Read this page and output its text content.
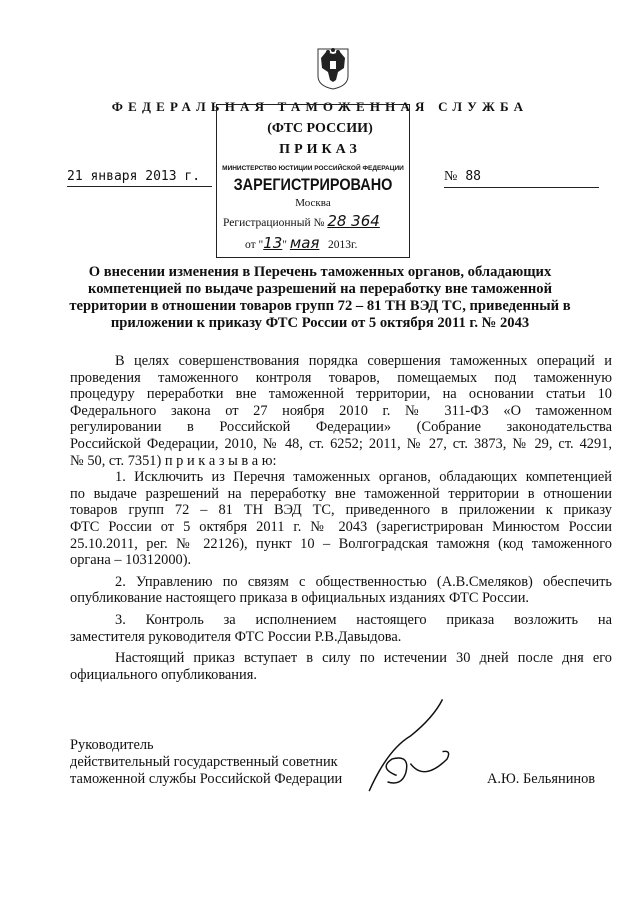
ФЕДЕРАЛЬНАЯ ТАМОЖЕННАЯ СЛУЖБА
(ФТС РОССИИ)
ПРИКАЗ
21 января 2013 г.	№ 88
МИНИСТЕРСТВО ЮСТИЦИИ РОССИЙСКОЙ ФЕДЕРАЦИИ
ЗАРЕГИСТРИРОВАНО
Москва
Регистрационный № 28 364
от "13" мая 2013г.
О внесении изменения в Перечень таможенных органов, обладающих
компетенцией по выдаче разрешений на переработку вне таможенной
территории в отношении товаров групп 72 – 81 ТН ВЭД ТС, приведенный в
приложении к приказу ФТС России от 5 октября 2011 г. № 2043
В целях совершенствования порядка совершения таможенных операций и
проведения таможенного контроля товаров, помещаемых под таможенную
процедуру переработки вне таможенной территории, на основании статьи 10
Федерального закона от 27 ноября 2010 г. № 311-ФЗ «О таможенном
регулировании в Российской Федерации» (Собрание законодательства
Российской Федерации, 2010, № 48, ст. 6252; 2011, № 27, ст. 3873, № 29, ст. 4291,
№ 50, ст. 7351) п р и к а з ы в а ю:
1. Исключить из Перечня таможенных органов, обладающих компетенцией
по выдаче разрешений на переработку вне таможенной территории в отношении
товаров групп 72 – 81 ТН ВЭД ТС, приведенного в приложении к приказу
ФТС России от 5 октября 2011 г. № 2043 (зарегистрирован Минюстом России
25.10.2011, рег. № 22126), пункт 10 – Волгоградская таможня (код таможенного
органа – 10312000).
2. Управлению по связям с общественностью (А.В.Смеляков) обеспечить
опубликование настоящего приказа в официальных изданиях ФТС России.
3. Контроль за исполнением настоящего приказа возложить на
заместителя руководителя ФТС России Р.В.Давыдова.
Настоящий приказ вступает в силу по истечении 30 дней после дня его
официального опубликования.
Руководитель
действительный государственный советник
таможенной службы Российской Федерации	А.Ю. Бельянинов
